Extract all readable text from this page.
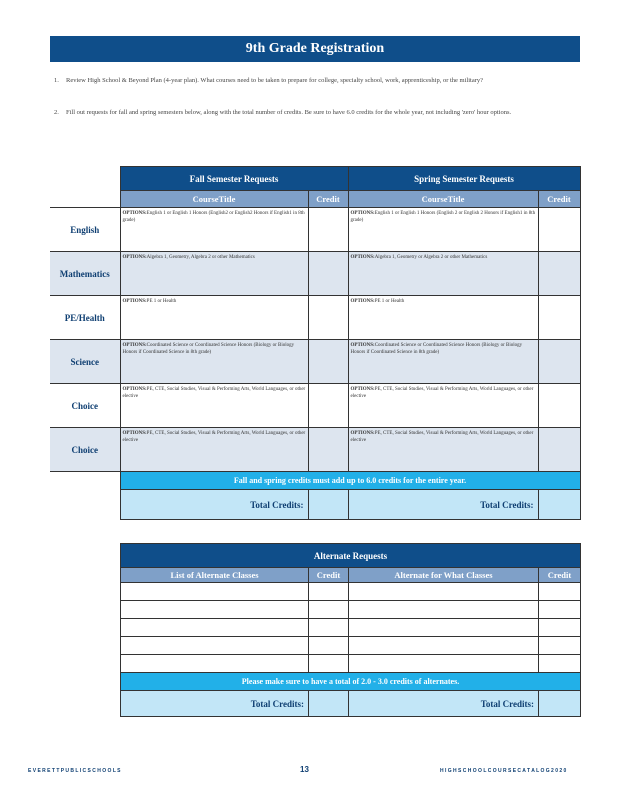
9th Grade Registration
1. Review High School & Beyond Plan (4-year plan). What courses need to be taken to prepare for college, specialty school, work, apprenticeship, or the military?
2. Fill out requests for fall and spring semesters below, along with the total number of credits. Be sure to have 6.0 credits for the whole year, not including 'zero' hour options.
	Fall Semester Requests		Spring Semester Requests	
	CourseTitle	Credit	CourseTitle	Credit
English	OPTIONS:English 1 or English 1 Honors (English2 or English2 Honors if English1 in 8th grade)		OPTIONS:English 1 or English 1 Honors (English 2 or English 2 Honors if English1 in 8th grade)	
Mathematics	OPTIONS:Algebra 1, Geometry, Algebra 2 or other Mathematics		OPTIONS:Algebra 1, Geometry or Algebra 2 or other Mathematics	
PE/Health	OPTIONS:PE 1 or Health		OPTIONS:PE 1 or Health	
Science	OPTIONS:Coordinated Science or Coordinated Science Honors (Biology or Biology Honors if Coordinated Science in 8th grade)		OPTIONS:Coordinated Science or Coordinated Science Honors (Biology or Biology Honors if Coordinated Science in 8th grade)	
Choice	OPTIONS:PE, CTE, Social Studies, Visual & Performing Arts, World Languages, or other elective		OPTIONS:PE, CTE, Social Studies, Visual & Performing Arts, World Languages, or other elective	
Choice	OPTIONS:PE, CTE, Social Studies, Visual & Performing Arts, World Languages, or other elective		OPTIONS:PE, CTE, Social Studies, Visual & Performing Arts, World Languages, or other elective	
	Fall and spring credits must add up to 6.0 credits for the entire year.			
	Total Credits:		Total Credits:	
Alternate Requests			
List of Alternate Classes	Credit	Alternate for What Classes	Credit

Please make sure to have a total of 2.0 - 3.0 credits of alternates.			
Total Credits:		Total Credits:	
E V E R E T T P U B L I C S C H O O L S	13	H I G H S C H O O L C O U R S E C A T A L O G 2 0 2 0
